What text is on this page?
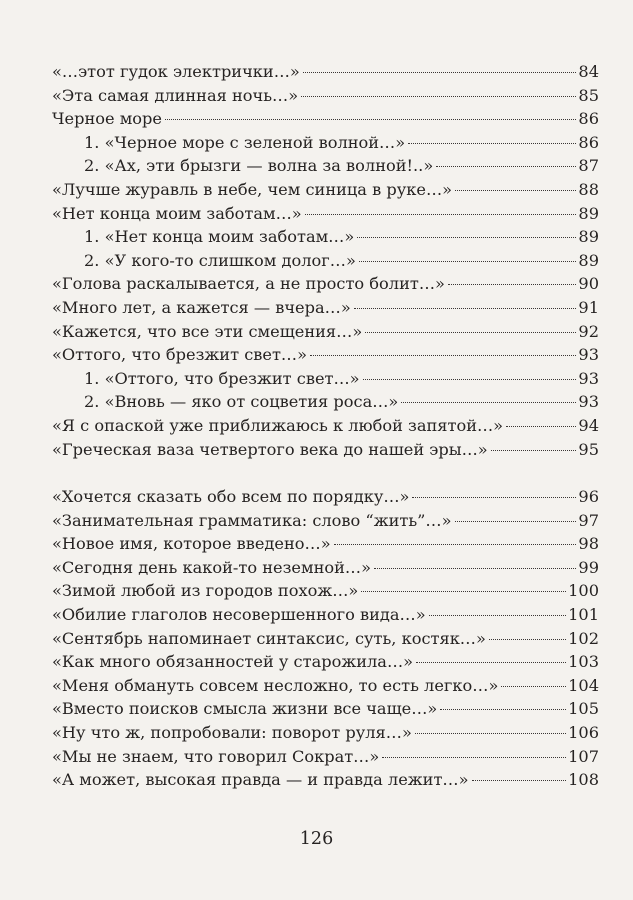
«…этот гудок электрички…»	84
«Эта самая длинная ночь…»	85
Черное море	86
1. «Черное море с зеленой волной…»	86
2. «Ах, эти брызги — волна за волной!..»	87
«Лучше журавль в небе, чем синица в руке…»	88
«Нет конца моим заботам…»	89
1. «Нет конца моим заботам…»	89
2. «У кого-то слишком долог…»	89
«Голова раскалывается, а не просто болит…»	90
«Много лет, а кажется — вчера…»	91
«Кажется, что все эти смещения…»	92
«Оттого, что брезжит свет…»	93
1. «Оттого, что брезжит свет…»	93
2. «Вновь — яко от соцветия роса…»	93
«Я с опаской уже приближаюсь к любой запятой…»	94
«Греческая ваза четвертого века до нашей эры…»	95
«Хочется сказать обо всем по порядку…»	96
«Занимательная грамматика: слово “жить”…»	97
«Новое имя, которое введено…»	98
«Сегодня день какой-то неземной…»	99
«Зимой любой из городов похож…»	100
«Обилие глаголов несовершенного вида…»	101
«Сентябрь напоминает синтаксис, суть, костяк…»	102
«Как много обязанностей у старожила…»	103
«Меня обмануть совсем несложно, то есть легко…»	104
«Вместо поисков смысла жизни все чаще…»	105
«Ну что ж, попробовали: поворот руля…»	106
«Мы не знаем, что говорил Сократ…»	107
«А может, высокая правда — и правда лежит…»	108
126
